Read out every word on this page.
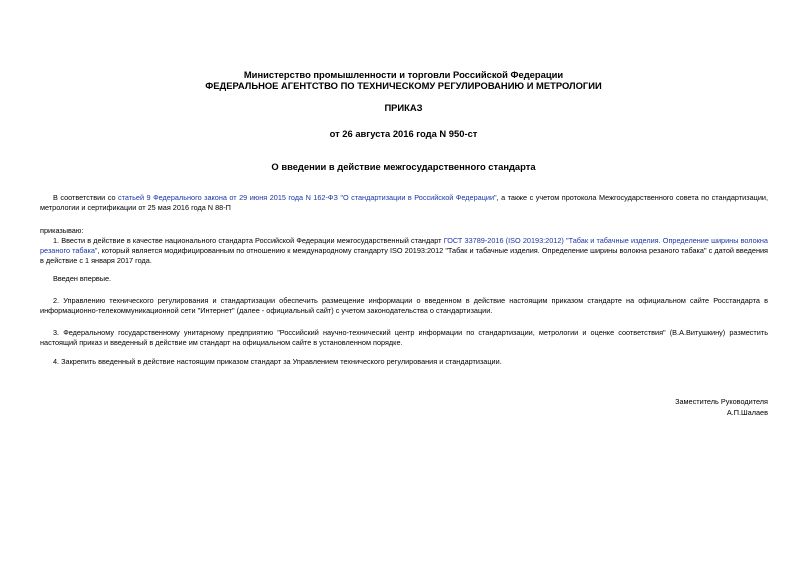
Министерство промышленности и торговли Российской Федерации
ФЕДЕРАЛЬНОЕ АГЕНТСТВО ПО ТЕХНИЧЕСКОМУ РЕГУЛИРОВАНИЮ И МЕТРОЛОГИИ
ПРИКАЗ
от 26 августа 2016 года N 950-ст
О введении в действие межгосударственного стандарта
В соответствии со статьей 9 Федерального закона от 29 июня 2015 года N 162-ФЗ "О стандартизации в Российской Федерации", а также с учетом протокола Межгосударственного совета по стандартизации, метрологии и сертификации от 25 мая 2016 года N 88-П
приказываю:
1. Ввести в действие в качестве национального стандарта Российской Федерации межгосударственный стандарт ГОСТ 33789-2016 (ISO 20193:2012) "Табак и табачные изделия. Определение ширины волокна резаного табака", который является модифицированным по отношению к международному стандарту ISO 20193:2012 "Табак и табачные изделия. Определение ширины волокна резаного табака" с датой введения в действие с 1 января 2017 года.
Введен впервые.
2. Управлению технического регулирования и стандартизации обеспечить размещение информации о введенном в действие настоящим приказом стандарте на официальном сайте Росстандарта в информационно-телекоммуникационной сети "Интернет" (далее - официальный сайт) с учетом законодательства о стандартизации.
3. Федеральному государственному унитарному предприятию "Российский научно-технический центр информации по стандартизации, метрологии и оценке соответствия" (В.А.Витушкину) разместить настоящий приказ и введенный в действие им стандарт на официальном сайте в установленном порядке.
4. Закрепить введенный в действие настоящим приказом стандарт за Управлением технического регулирования и стандартизации.
Заместитель Руководителя
А.П.Шалаев
